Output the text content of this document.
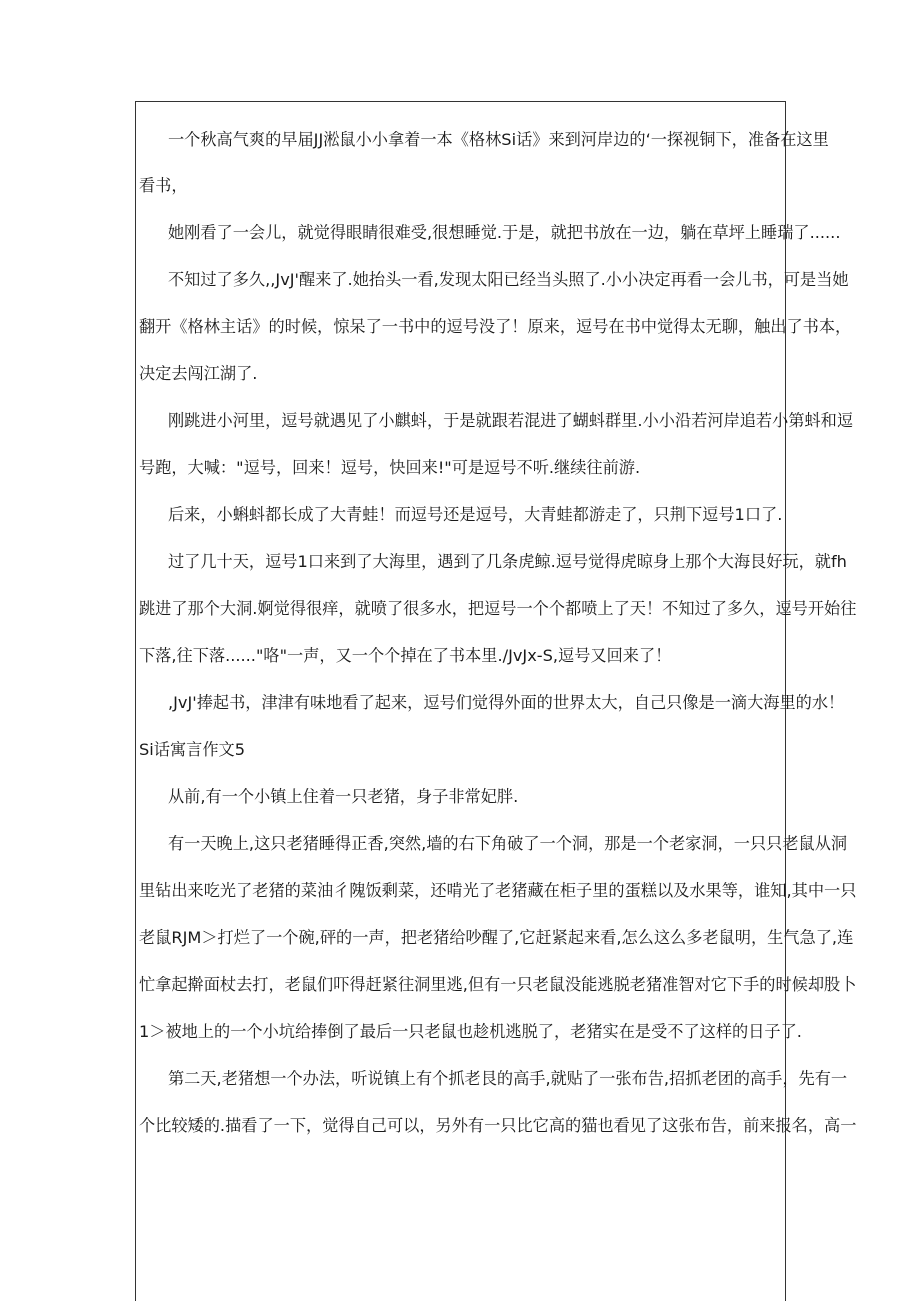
一个秋高气爽的早届JJ淞鼠小小拿着一本《格林Si话》来到河岸边的‘一探视铜下，准备在这里
看书，
她刚看了一会儿，就觉得眼睛很难受,很想睡觉.于是，就把书放在一边，躺在草坪上睡瑞了......
不知过了多久,,JvJ'醒来了.她抬头一看,发现太阳已经当头照了.小小决定再看一会儿书，可是当她
翻开《格林主话》的时候，惊呆了一书中的逗号没了！原来，逗号在书中觉得太无聊，触出了书本，
决定去闯江湖了.
刚跳进小河里，逗号就遇见了小麒蚪，于是就跟若混进了蝴蚪群里.小小沿若河岸追若小第蚪和逗
号跑，大喊："逗号，回来！逗号，快回来!"可是逗号不听.继续往前游.
后来，小蝌蚪都长成了大青蛙！而逗号还是逗号，大青蛙都游走了，只荆下逗号1口了.
过了几十天，逗号1口来到了大海里，遇到了几条虎鲸.逗号觉得虎晾身上那个大海艮好玩，就fh
跳进了那个大洞.婀觉得很痒，就喷了很多水，把逗号一个个都喷上了天！不知过了多久，逗号开始往
下落,往下落......"咯"一声，又一个个掉在了书本里./JvJx-S,逗号又回来了！
,JvJ'捧起书，津津有味地看了起来，逗号们觉得外面的世界太大，自己只像是一滴大海里的水！
Si话寓言作文5
从前,有一个小镇上住着一只老猪，身子非常妃胖.
有一天晚上,这只老猪睡得正香,突然,墙的右下角破了一个洞，那是一个老家洞，一只只老鼠从洞
里钻出来吃光了老猪的菜油彳隗饭剩菜，还啃光了老猪藏在柜子里的蛋糕以及水果等，谁知,其中一只
老鼠RJM＞打烂了一个碗,砰的一声，把老猪给吵醒了,它赶紧起来看,怎么这么多老鼠明，生气急了,连
忙拿起擀面杖去打，老鼠们吓得赶紧往洞里逃,但有一只老鼠没能逃脱老猪准智对它下手的时候却股卜
1＞被地上的一个小坑给捧倒了最后一只老鼠也趁机逃脱了，老猪实在是受不了这样的日子了.
第二天,老猪想一个办法，听说镇上有个抓老艮的高手,就贴了一张布告,招抓老团的高手，先有一
个比较矮的.描看了一下，觉得自己可以，另外有一只比它高的猫也看见了这张布告，前来报名，高一
